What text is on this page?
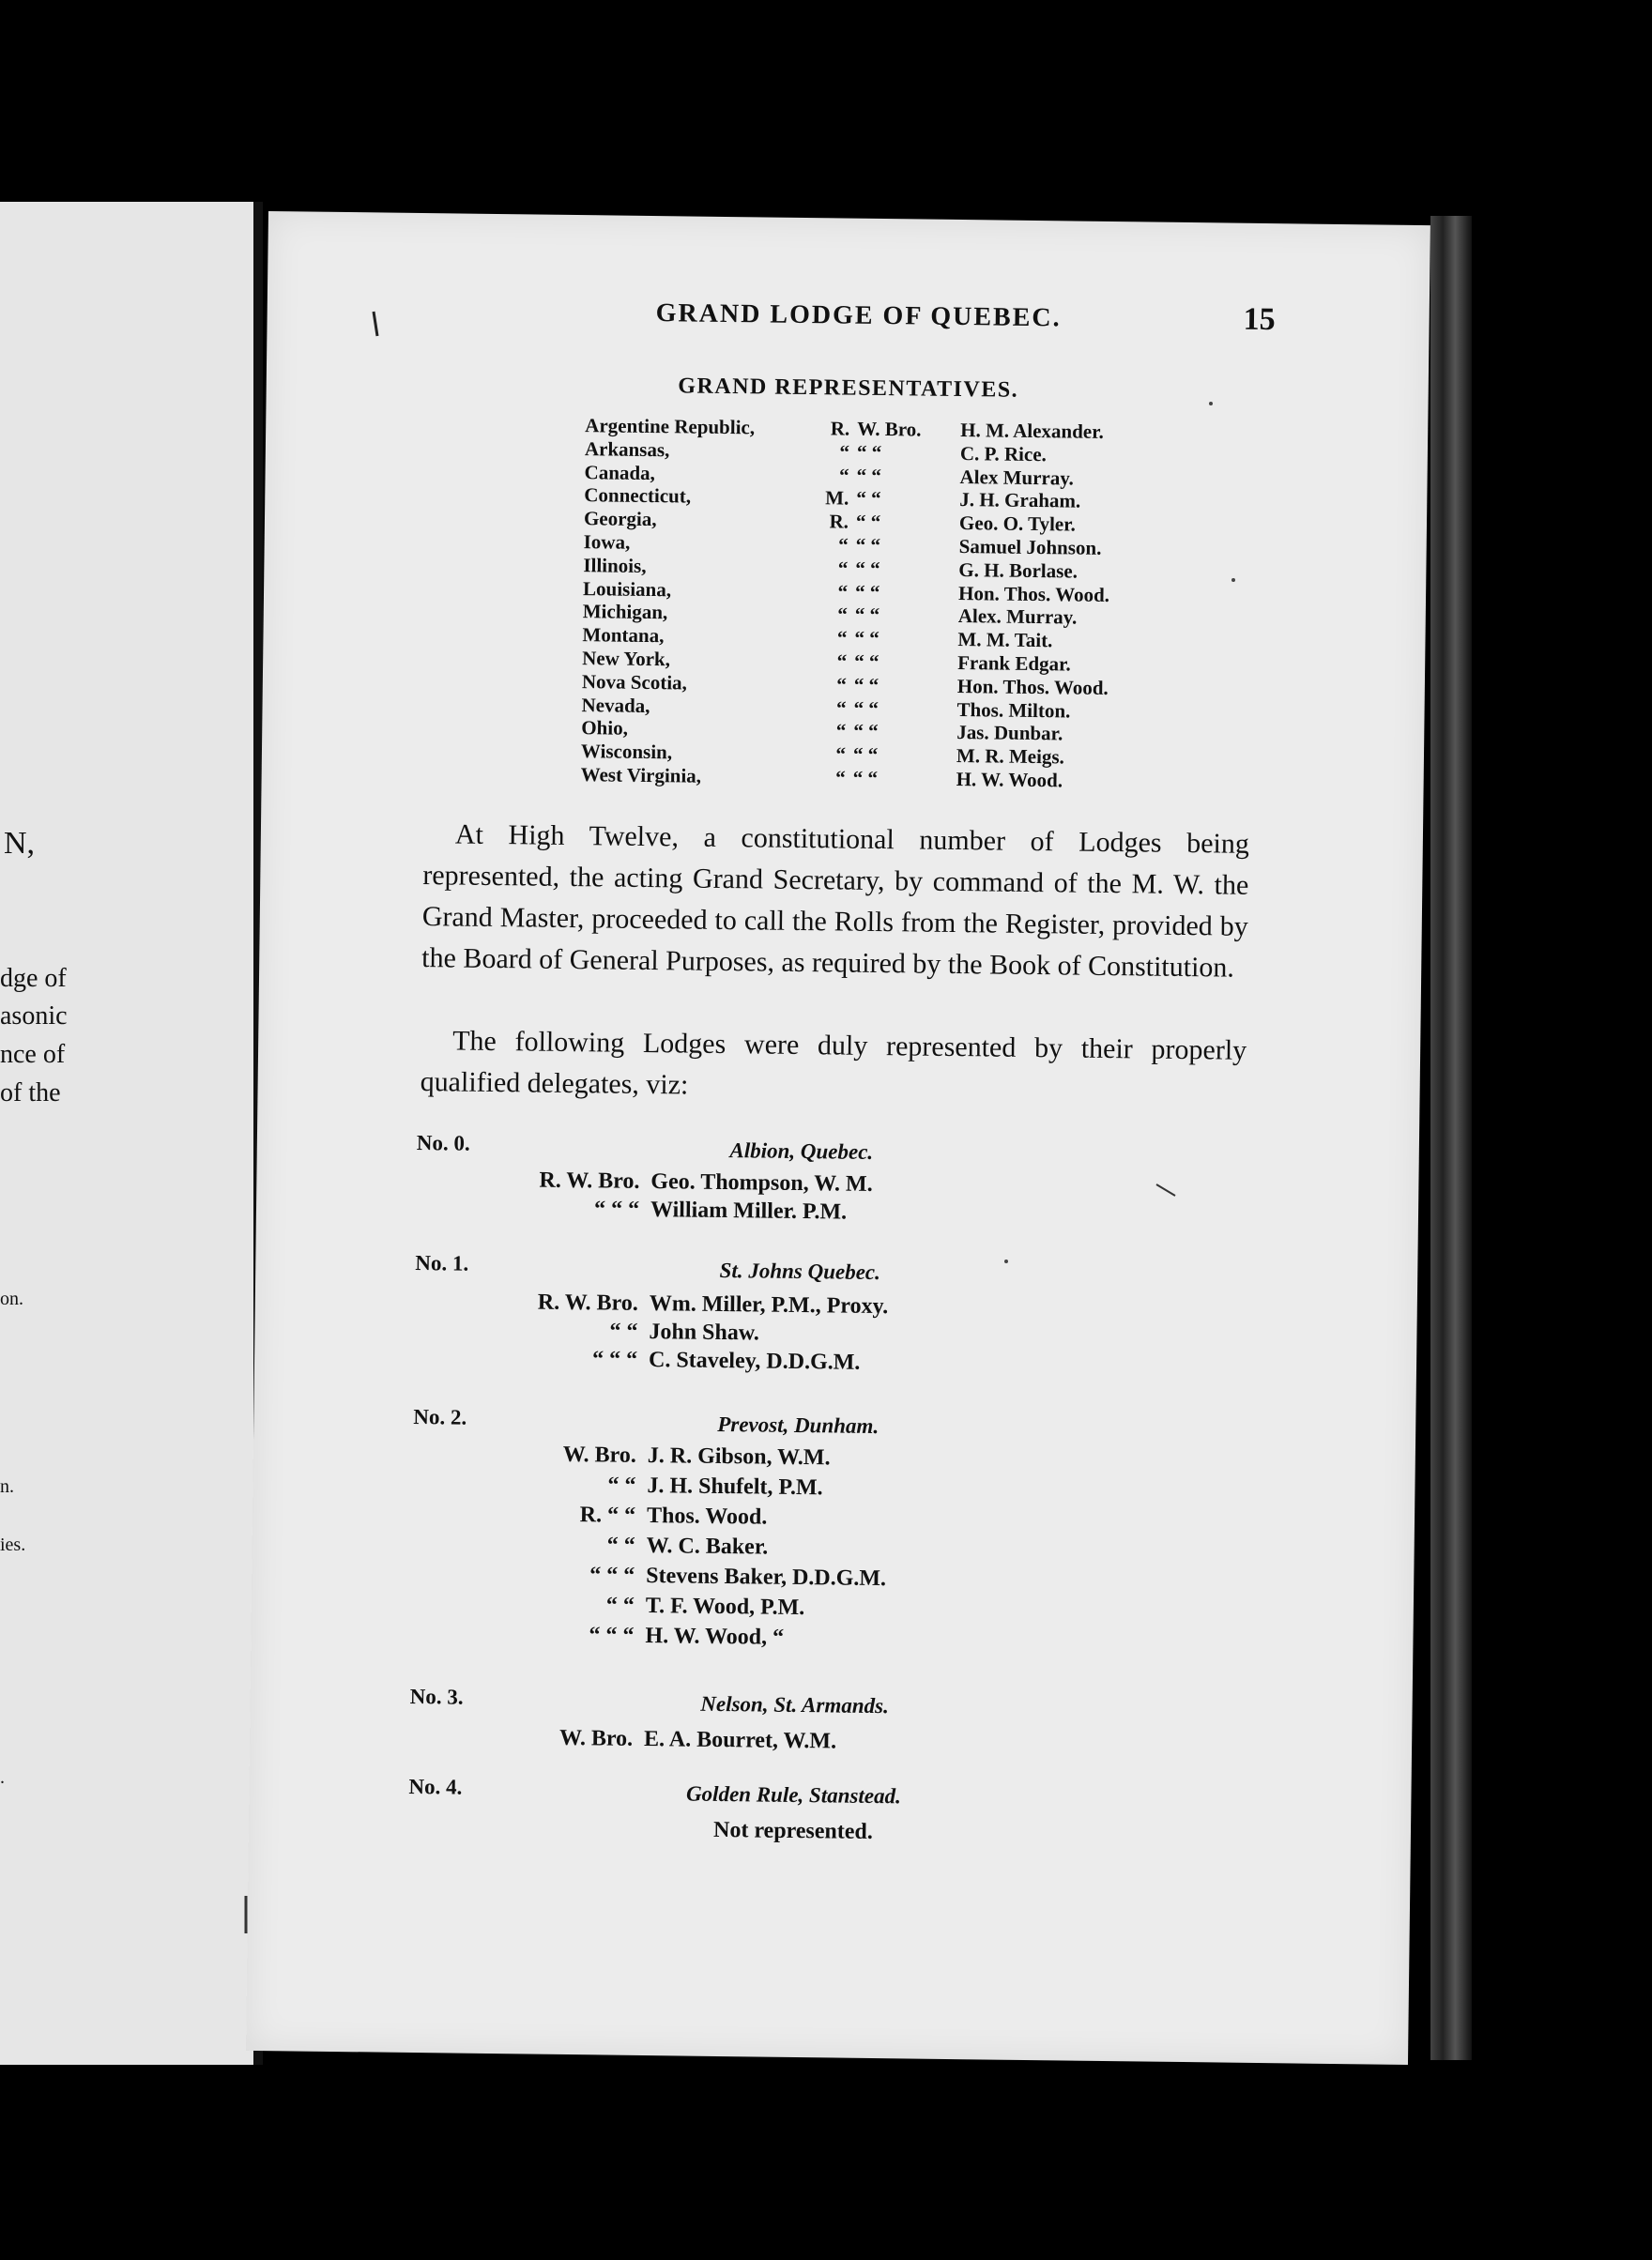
N,
dge of
asonic
nce of
of the
on.
n.
ies.
.
GRAND LODGE OF QUEBEC.	15
GRAND REPRESENTATIVES.
Argentine Republic,	R.	W. Bro.	H. M. Alexander.
Arkansas,	“	“ “	C. P. Rice.
Canada,	“	“ “	Alex Murray.
Connecticut,	M.	“ “	J. H. Graham.
Georgia,	R.	“ “	Geo. O. Tyler.
Iowa,	“	“ “	Samuel Johnson.
Illinois,	“	“ “	G. H. Borlase.
Louisiana,	“	“ “	Hon. Thos. Wood.
Michigan,	“	“ “	Alex. Murray.
Montana,	“	“ “	M. M. Tait.
New York,	“	“ “	Frank Edgar.
Nova Scotia,	“	“ “	Hon. Thos. Wood.
Nevada,	“	“ “	Thos. Milton.
Ohio,	“	“ “	Jas. Dunbar.
Wisconsin,	“	“ “	M. R. Meigs.
West Virginia,	“	“ “	H. W. Wood.
At High Twelve, a constitutional number of Lodges being represented, the acting Grand Secretary, by command of the M. W. the Grand Master, proceeded to call the Rolls from the Register, provided by the Board of General Purposes, as required by the Book of Constitution.
The following Lodges were duly represented by their properly qualified delegates, viz:
No. 0.	Albion, Quebec.
R. W. Bro. Geo. Thompson, W. M.
“ “ “ William Miller. P.M.
No. 1.	St. Johns Quebec.
R. W. Bro. Wm. Miller, P.M., Proxy.
“ “ John Shaw.
“ “ “ C. Staveley, D.D.G.M.
No. 2.	Prevost, Dunham.
W. Bro. J. R. Gibson, W.M.
“ “ J. H. Shufelt, P.M.
R. “ “ Thos. Wood.
“ “ W. C. Baker.
“ “ “ Stevens Baker, D.D.G.M.
“ “ T. F. Wood, P.M.
“ “ “ H. W. Wood, “
No. 3.	Nelson, St. Armands.
W. Bro. E. A. Bourret, W.M.
No. 4.	Golden Rule, Stanstead.
Not represented.
